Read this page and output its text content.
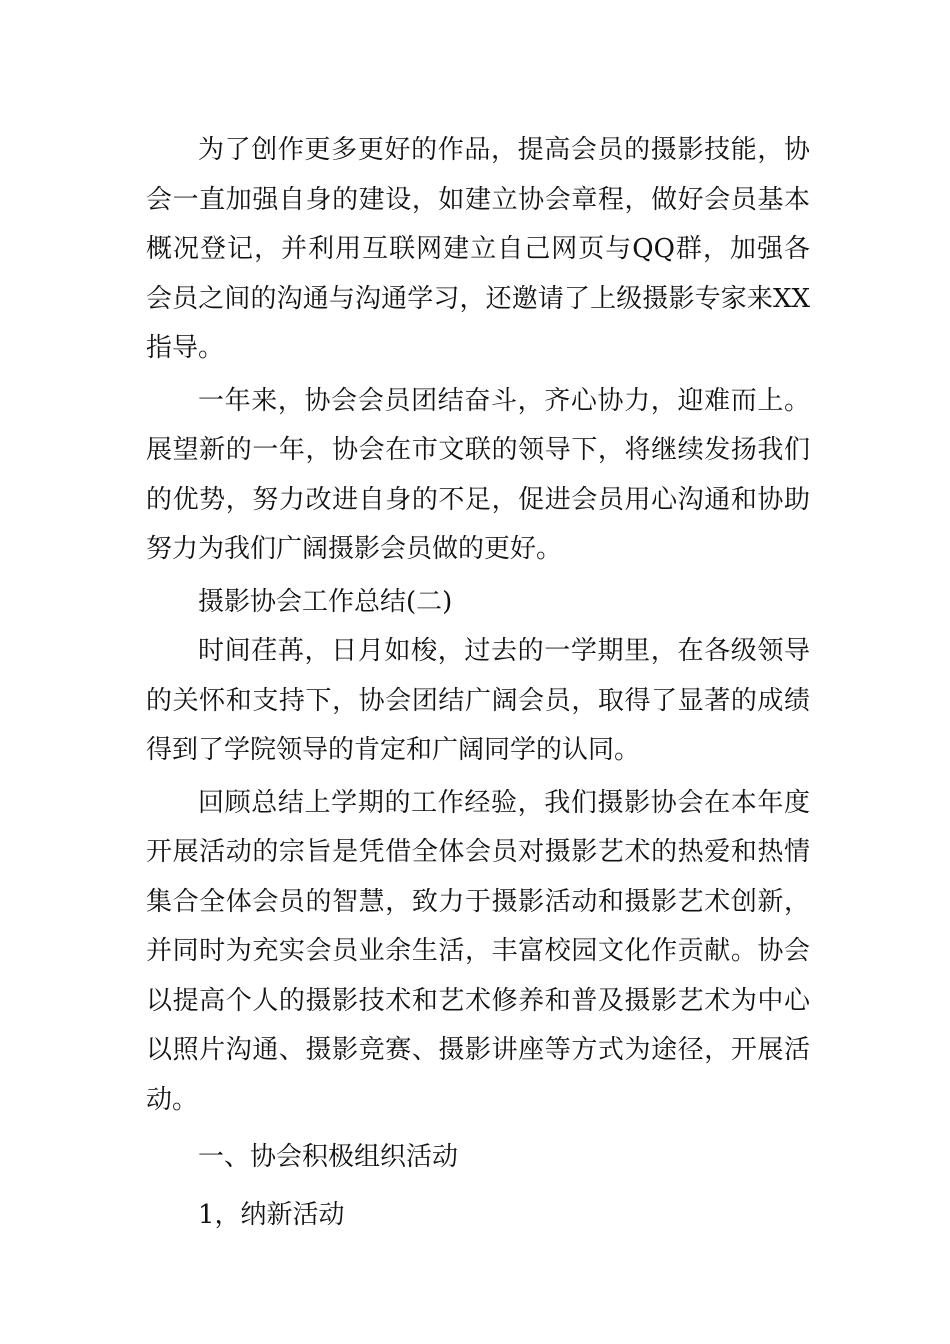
为了创作更多更好的作品，提高会员的摄影技能，协会一直加强自身的建设，如建立协会章程，做好会员基本概况登记，并利用互联网建立自己网页与QQ群，加强各会员之间的沟通与沟通学习，还邀请了上级摄影专家来XX指导。

一年来，协会会员团结奋斗，齐心协力，迎难而上。展望新的一年，协会在市文联的领导下，将继续发扬我们的优势，努力改进自身的不足，促进会员用心沟通和协助努力为我们广阔摄影会员做的更好。

摄影协会工作总结(二)

时间荏苒，日月如梭，过去的一学期里，在各级领导的关怀和支持下，协会团结广阔会员，取得了显著的成绩得到了学院领导的肯定和广阔同学的认同。

回顾总结上学期的工作经验，我们摄影协会在本年度开展活动的宗旨是凭借全体会员对摄影艺术的热爱和热情集合全体会员的智慧，致力于摄影活动和摄影艺术创新，并同时为充实会员业余生活，丰富校园文化作贡献。协会以提高个人的摄影技术和艺术修养和普及摄影艺术为中心以照片沟通、摄影竞赛、摄影讲座等方式为途径，开展活动。

一、协会积极组织活动

1，纳新活动
